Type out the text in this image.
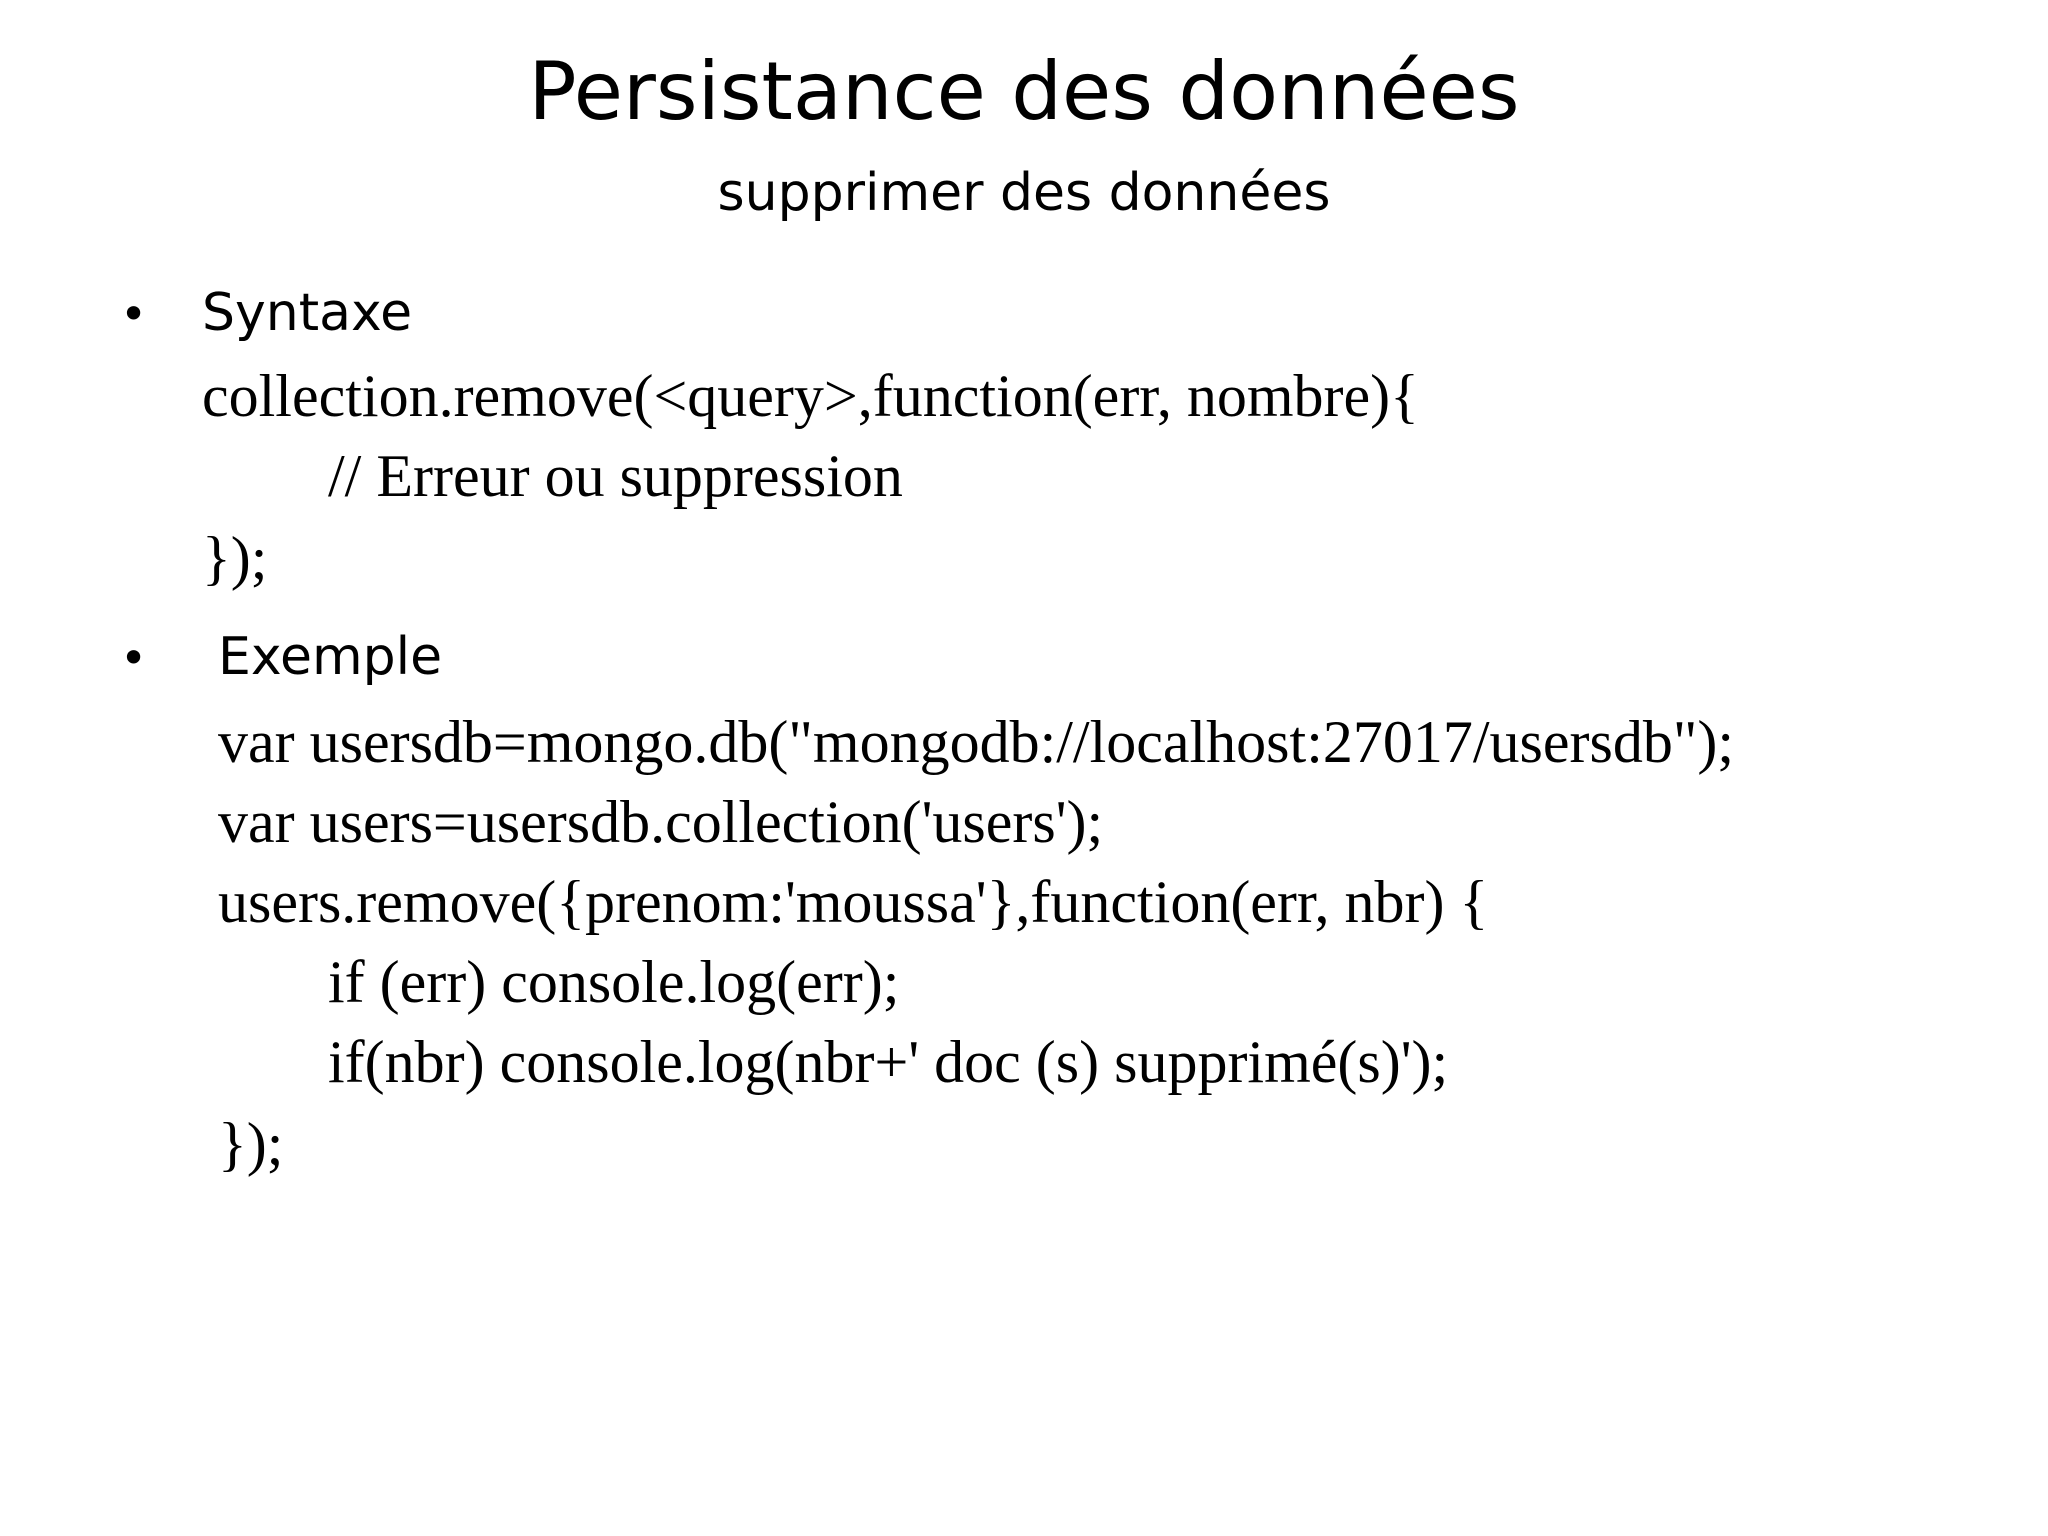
Persistance des données
supprimer des données
• Syntaxe
collection.remove(<query>,function(err, nombre){
// Erreur ou suppression
});
• Exemple
var usersdb=mongo.db("mongodb://localhost:27017/usersdb");
var users=usersdb.collection('users');
users.remove({prenom:'moussa'},function(err, nbr) {
if (err) console.log(err);
if(nbr) console.log(nbr+' doc (s) supprimé(s)');
});
